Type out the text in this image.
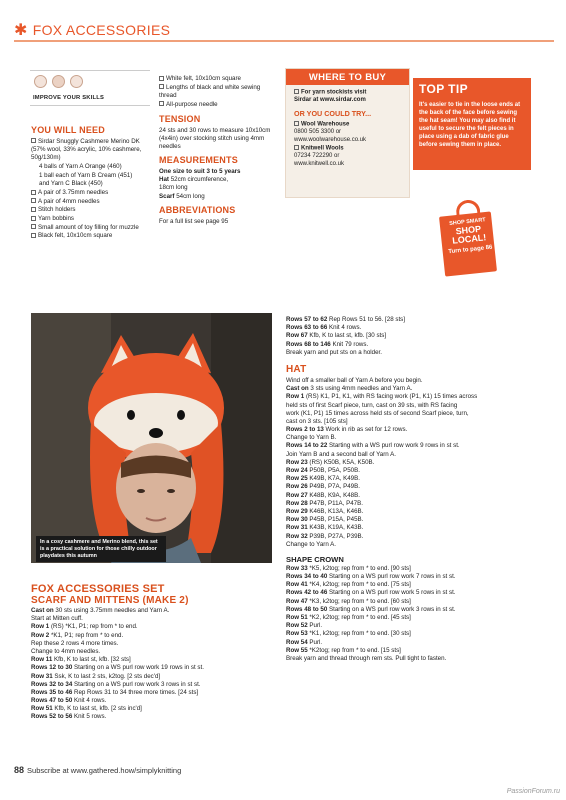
✱ FOX ACCESSORIES
IMPROVE YOUR SKILLS
YOU WILL NEED
Sirdar Snuggly Cashmere Merino DK (57% wool, 33% acrylic, 10% cashmere, 50g/130m)
4 balls of Yarn A Orange (460)
1 ball each of Yarn B Cream (451)
and Yarn C Black (450)
A pair of 3.75mm needles
A pair of 4mm needles
Stitch holders
Yarn bobbins
Small amount of toy filling for muzzle
Black felt, 10x10cm square
White felt, 10x10cm square
Lengths of black and white sewing thread
All-purpose needle
TENSION
24 sts and 30 rows to measure 10x10cm (4x4in) over stocking stitch using 4mm needles
MEASUREMENTS
One size to suit 3 to 5 years
Hat 52cm circumference,
18cm long
Scarf 54cm long
ABBREVIATIONS
For a full list see page 95
WHERE TO BUY
For yarn stockists visit
Sirdar at www.sirdar.com
OR YOU COULD TRY...
Wool Warehouse
0800 505 3300 or
www.woolwarehouse.co.uk
Knitwell Wools
07234 722290 or
www.knitwell.co.uk
TOP TIP
It's easier to tie in the loose ends at the back of the face before sewing the hat seam! You may also find it useful to secure the felt pieces in place using a dab of fabric glue before sewing them in place.
SHOP SMART
SHOP LOCAL!
Turn to page 86
In a cosy cashmere and Merino blend, this set is a practical solution for those chilly outdoor playdates this autumn
FOX ACCESSORIES SET
SCARF AND MITTENS (MAKE 2)
Cast on 30 sts using 3.75mm needles and Yarn A.
Start at Mitten cuff.
Row 1 (RS) *K1, P1; rep from * to end.
Row 2 *K1, P1; rep from * to end.
Rep these 2 rows 4 more times.
Change to 4mm needles.
Row 11 Kfb, K to last st, kfb. [32 sts]
Rows 12 to 30 Starting on a WS purl row work 19 rows in st st.
Row 31 Ssk, K to last 2 sts, k2tog. [2 sts dec'd]
Rows 32 to 34 Starting on a WS purl row work 3 rows in st st.
Rows 35 to 46 Rep Rows 31 to 34 three more times. [24 sts]
Rows 47 to 50 Knit 4 rows.
Row 51 Kfb, K to last st, kfb. [2 sts inc'd]
Rows 52 to 56 Knit 5 rows.
Rows 57 to 62 Rep Rows 51 to 56. [28 sts]
Rows 63 to 66 Knit 4 rows.
Row 67 Kfb, K to last st, kfb. [30 sts]
Rows 68 to 146 Knit 79 rows.
Break yarn and put sts on a holder.
HAT
Wind off a smaller ball of Yarn A before you begin.
Cast on 3 sts using 4mm needles and Yarn A.
Row 1 (RS) K1, P1, K1, with RS facing work (P1, K1) 15 times across
held sts of first Scarf piece, turn, cast on 39 sts, with RS facing
work (K1, P1) 15 times across held sts of second Scarf piece, turn,
cast on 3 sts. [105 sts]
Rows 2 to 13 Work in rib as set for 12 rows.
Change to Yarn B.
Rows 14 to 22 Starting with a WS purl row work 9 rows in st st.
Join Yarn B and a second ball of Yarn A.
Row 23 (RS) K50B, K5A, K50B.
Row 24 P50B, P5A, P50B.
Row 25 K49B, K7A, K49B.
Row 26 P49B, P7A, P49B.
Row 27 K48B, K9A, K48B.
Row 28 P47B, P11A, P47B.
Row 29 K46B, K13A, K46B.
Row 30 P45B, P15A, P45B.
Row 31 K43B, K19A, K43B.
Row 32 P39B, P27A, P39B.
Change to Yarn A.
SHAPE CROWN
Row 33 *K5, k2tog; rep from * to end. [90 sts]
Rows 34 to 40 Starting on a WS purl row work 7 rows in st st.
Row 41 *K4, k2tog; rep from * to end. [75 sts]
Rows 42 to 46 Starting on a WS purl row work 5 rows in st st.
Row 47 *K3, k2tog; rep from * to end. [60 sts]
Rows 48 to 50 Starting on a WS purl row work 3 rows in st st.
Row 51 *K2, k2tog; rep from * to end. [45 sts]
Row 52 Purl.
Row 53 *K1, k2tog; rep from * to end. [30 sts]
Row 54 Purl.
Row 55 *K2tog; rep from * to end. [15 sts]
Break yarn and thread through rem sts. Pull tight to fasten.
88 Subscribe at www.gathered.how/simplyknitting
PassionForum.ru
